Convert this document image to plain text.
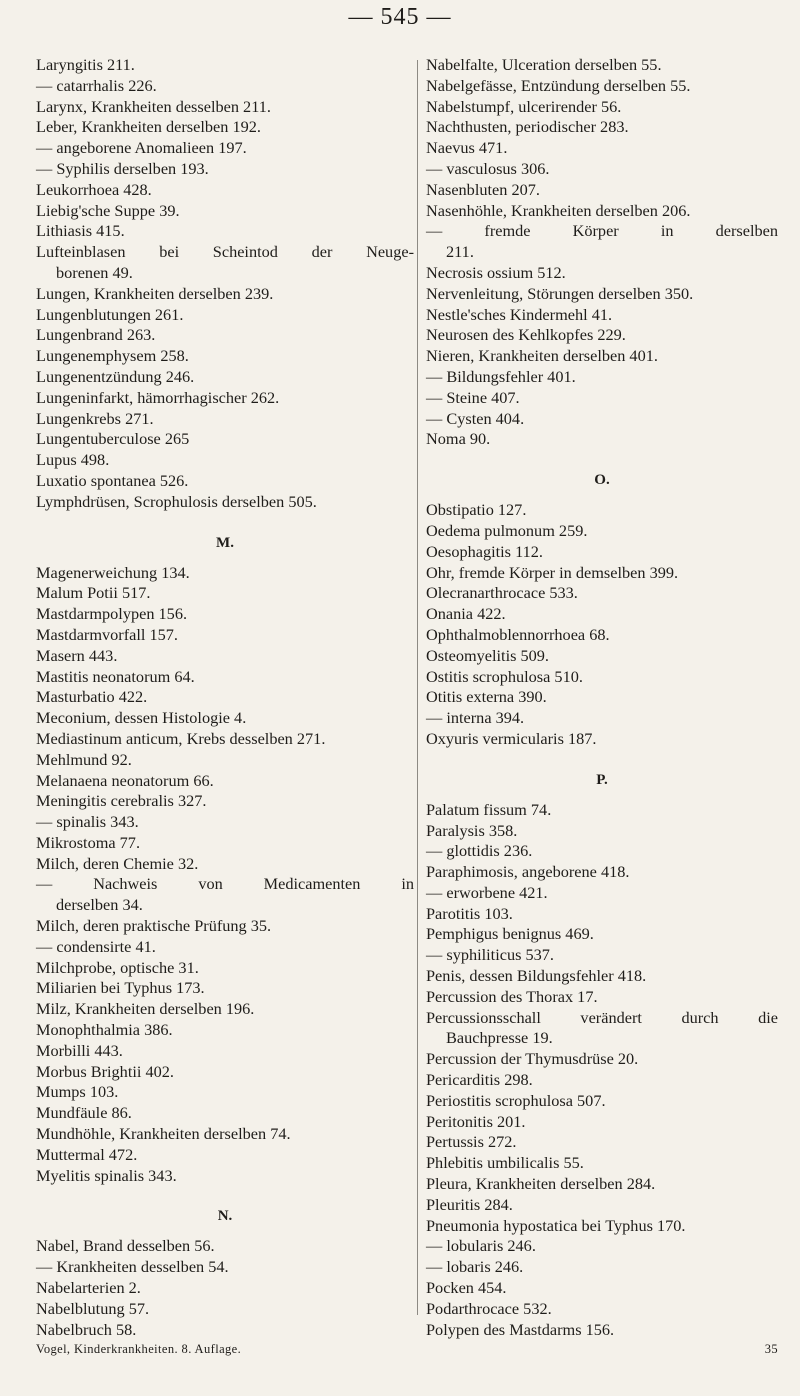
— 545 —
Laryngitis 211.
— catarrhalis 226.
Larynx, Krankheiten desselben 211.
Leber, Krankheiten derselben 192.
— angeborene Anomalieen 197.
— Syphilis derselben 193.
Leukorrhoea 428.
Liebig'sche Suppe 39.
Lithiasis 415.
Lufteinblasen bei Scheintod der Neuge-
borenen 49.
Lungen, Krankheiten derselben 239.
Lungenblutungen 261.
Lungenbrand 263.
Lungenemphysem 258.
Lungenentzündung 246.
Lungeninfarkt, hämorrhagischer 262.
Lungenkrebs 271.
Lungentuberculose 265
Lupus 498.
Luxatio spontanea 526.
Lymphdrüsen, Scrophulosis derselben 505.
M.
Magenerweichung 134.
Malum Potii 517.
Mastdarmpolypen 156.
Mastdarmvorfall 157.
Masern 443.
Mastitis neonatorum 64.
Masturbatio 422.
Meconium, dessen Histologie 4.
Mediastinum anticum, Krebs desselben 271.
Mehlmund 92.
Melanaena neonatorum 66.
Meningitis cerebralis 327.
— spinalis 343.
Mikrostoma 77.
Milch, deren Chemie 32.
— Nachweis von Medicamenten in
derselben 34.
Milch, deren praktische Prüfung 35.
— condensirte 41.
Milchprobe, optische 31.
Miliarien bei Typhus 173.
Milz, Krankheiten derselben 196.
Monophthalmia 386.
Morbilli 443.
Morbus Brightii 402.
Mumps 103.
Mundfäule 86.
Mundhöhle, Krankheiten derselben 74.
Muttermal 472.
Myelitis spinalis 343.
N.
Nabel, Brand desselben 56.
— Krankheiten desselben 54.
Nabelarterien 2.
Nabelblutung 57.
Nabelbruch 58.
Vogel, Kinderkrankheiten. 8. Auflage.
Nabelfalte, Ulceration derselben 55.
Nabelgefässe, Entzündung derselben 55.
Nabelstumpf, ulcerirender 56.
Nachthusten, periodischer 283.
Naevus 471.
— vasculosus 306.
Nasenbluten 207.
Nasenhöhle, Krankheiten derselben 206.
— fremde Körper in derselben
211.
Necrosis ossium 512.
Nervenleitung, Störungen derselben 350.
Nestle'sches Kindermehl 41.
Neurosen des Kehlkopfes 229.
Nieren, Krankheiten derselben 401.
— Bildungsfehler 401.
— Steine 407.
— Cysten 404.
Noma 90.
O.
Obstipatio 127.
Oedema pulmonum 259.
Oesophagitis 112.
Ohr, fremde Körper in demselben 399.
Olecranarthrocace 533.
Onania 422.
Ophthalmoblennorrhoea 68.
Osteomyelitis 509.
Ostitis scrophulosa 510.
Otitis externa 390.
— interna 394.
Oxyuris vermicularis 187.
P.
Palatum fissum 74.
Paralysis 358.
— glottidis 236.
Paraphimosis, angeborene 418.
— erworbene 421.
Parotitis 103.
Pemphigus benignus 469.
— syphiliticus 537.
Penis, dessen Bildungsfehler 418.
Percussion des Thorax 17.
Percussionsschall verändert durch die
Bauchpresse 19.
Percussion der Thymusdrüse 20.
Pericarditis 298.
Periostitis scrophulosa 507.
Peritonitis 201.
Pertussis 272.
Phlebitis umbilicalis 55.
Pleura, Krankheiten derselben 284.
Pleuritis 284.
Pneumonia hypostatica bei Typhus 170.
— lobularis 246.
— lobaris 246.
Pocken 454.
Podarthrocace 532.
Polypen des Mastdarms 156.
35
